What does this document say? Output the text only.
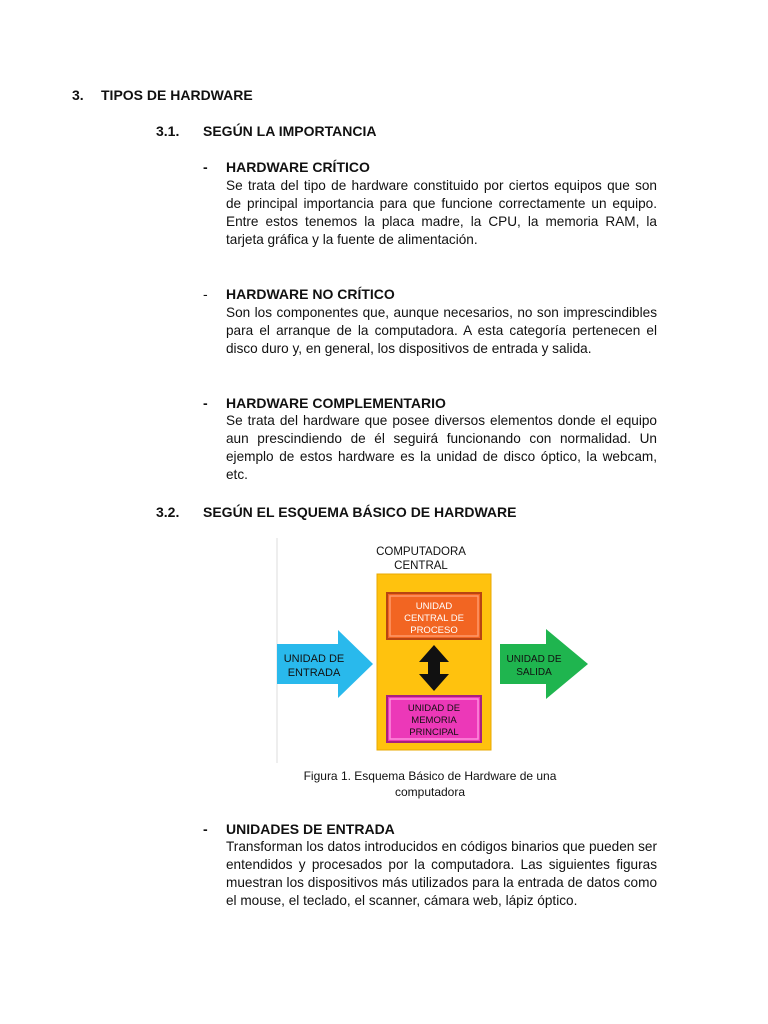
3. TIPOS DE HARDWARE
3.1. SEGÚN LA IMPORTANCIA
- HARDWARE CRÍTICO
Se trata del tipo de hardware constituido por ciertos equipos que son de principal importancia para que funcione correctamente un equipo. Entre estos tenemos la placa madre, la CPU, la memoria RAM, la tarjeta gráfica y la fuente de alimentación.
- HARDWARE NO CRÍTICO
Son los componentes que, aunque necesarios, no son imprescindibles para el arranque de la computadora. A esta categoría pertenecen el disco duro y, en general, los dispositivos de entrada y salida.
- HARDWARE COMPLEMENTARIO
Se trata del hardware que posee diversos elementos donde el equipo aun prescindiendo de él seguirá funcionando con normalidad. Un ejemplo de estos hardware es la unidad de disco óptico, la webcam, etc.
3.2. SEGÚN EL ESQUEMA BÁSICO DE HARDWARE
COMPUTADORA
CENTRAL
UNIDAD
CENTRAL DE
PROCESO
UNIDAD DE
MEMORIA
PRINCIPAL
UNIDAD DE
ENTRADA
UNIDAD DE
SALIDA
Figura 1. Esquema Básico de Hardware de una
computadora
- UNIDADES DE ENTRADA
Transforman los datos introducidos en códigos binarios que pueden ser entendidos y procesados por la computadora. Las siguientes figuras muestran los dispositivos más utilizados para la entrada de datos como el mouse, el teclado, el scanner, cámara web, lápiz óptico.
